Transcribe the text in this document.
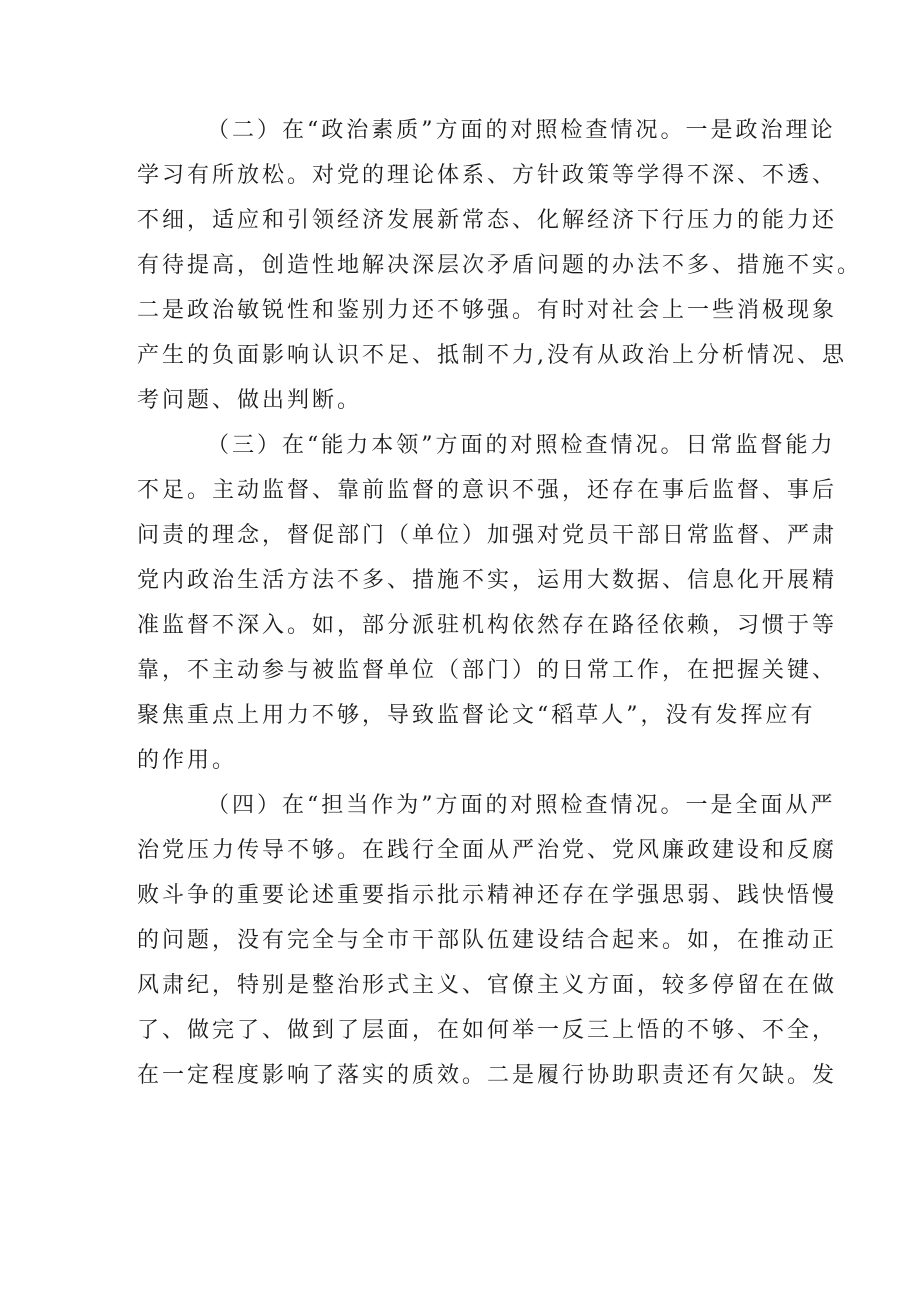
（二）在“政治素质”方面的对照检查情况。一是政治理论
学习有所放松。对党的理论体系、方针政策等学得不深、不透、
不细，适应和引领经济发展新常态、化解经济下行压力的能力还
有待提高，创造性地解决深层次矛盾问题的办法不多、措施不实。
二是政治敏锐性和鉴别力还不够强。有时对社会上一些消极现象
产生的负面影响认识不足、抵制不力,没有从政治上分析情况、思
考问题、做出判断。
（三）在“能力本领”方面的对照检查情况。日常监督能力
不足。主动监督、靠前监督的意识不强，还存在事后监督、事后
问责的理念，督促部门（单位）加强对党员干部日常监督、严肃
党内政治生活方法不多、措施不实，运用大数据、信息化开展精
准监督不深入。如，部分派驻机构依然存在路径依赖，习惯于等
靠，不主动参与被监督单位（部门）的日常工作，在把握关键、
聚焦重点上用力不够，导致监督论文“稻草人”，没有发挥应有
的作用。
（四）在“担当作为”方面的对照检查情况。一是全面从严
治党压力传导不够。在践行全面从严治党、党风廉政建设和反腐
败斗争的重要论述重要指示批示精神还存在学强思弱、践快悟慢
的问题，没有完全与全市干部队伍建设结合起来。如，在推动正
风肃纪，特别是整治形式主义、官僚主义方面，较多停留在在做
了、做完了、做到了层面，在如何举一反三上悟的不够、不全，
在一定程度影响了落实的质效。二是履行协助职责还有欠缺。发
